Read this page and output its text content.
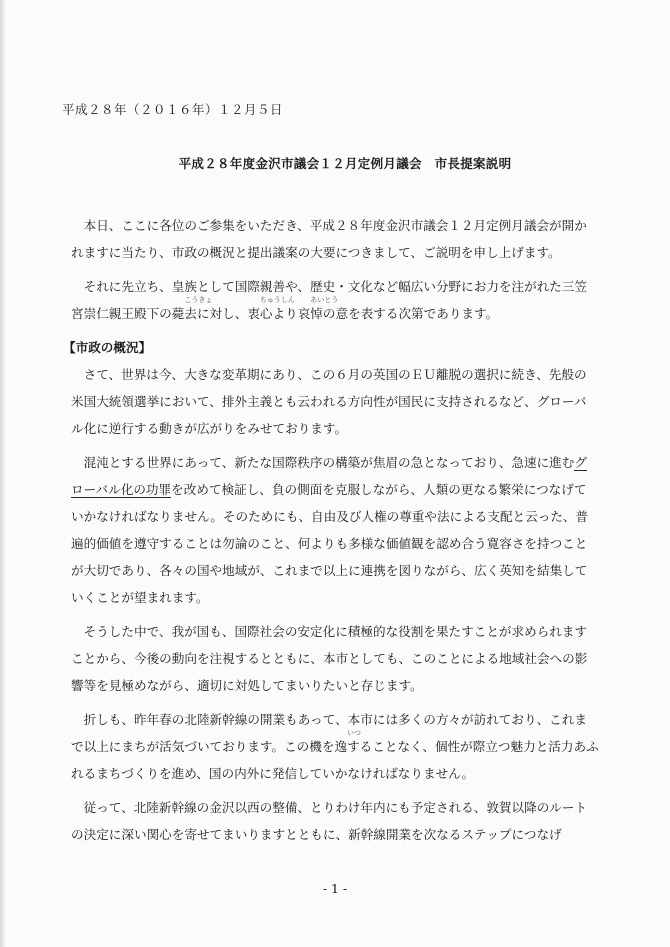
平成２８年（２０１６年）１２月５日
平成２８年度金沢市議会１２月定例月議会　市長提案説明

本日、ここに各位のご参集をいただき、平成２８年度金沢市議会１２月定例月議会が開かれますに当たり、市政の概況と提出議案の大要につきまして、ご説明を申し上げます。

それに先立ち、皇族として国際親善や、歴史・文化など幅広い分野にお力を注がれた三笠宮崇仁親王殿下の
こうきょ
薨去に対し、
ちゅうしん
衷心より
あいとう
哀悼の意を表する次第であります。

【市政の概況】

さて、世界は今、大きな変革期にあり、この６月の英国のＥＵ離脱の選択に続き、先般の米国大統領選挙において、排外主義とも云われる方向性が国民に支持されるなど、グローバル化に逆行する動きが広がりをみせております。

混沌とする世界にあって、新たな国際秩序の構築が焦眉の急となっており、急速に進むグローバル化の功罪を改めて検証し、負の側面を克服しながら、人類の更なる繁栄につなげていかなければなりません。そのためにも、自由及び人権の尊重や法による支配と云った、普遍的価値を遵守することは勿論のこと、何よりも多様な価値観を認め合う寛容さを持つことが大切であり、各々の国や地域が、これまで以上に連携を図りながら、広く英知を結集していくことが望まれます。

そうした中で、我が国も、国際社会の安定化に積極的な役割を果たすことが求められますことから、今後の動向を注視するとともに、本市としても、このことによる地域社会への影響等を見極めながら、適切に対処してまいりたいと存じます。

折しも、昨年春の北陸新幹線の開業もあって、本市には多くの方々が訪れており、これまで以上にまちが活気づいております。この機を
いつ
逸することなく、個性が際立つ魅力と活力あふれるまちづくりを進め、国の内外に発信していかなければなりません。

従って、北陸新幹線の金沢以西の整備、とりわけ年内にも予定される、敦賀以降のルートの決定に深い関心を寄せてまいりますとともに、新幹線開業を次なるステップにつなげ

- 1 -
